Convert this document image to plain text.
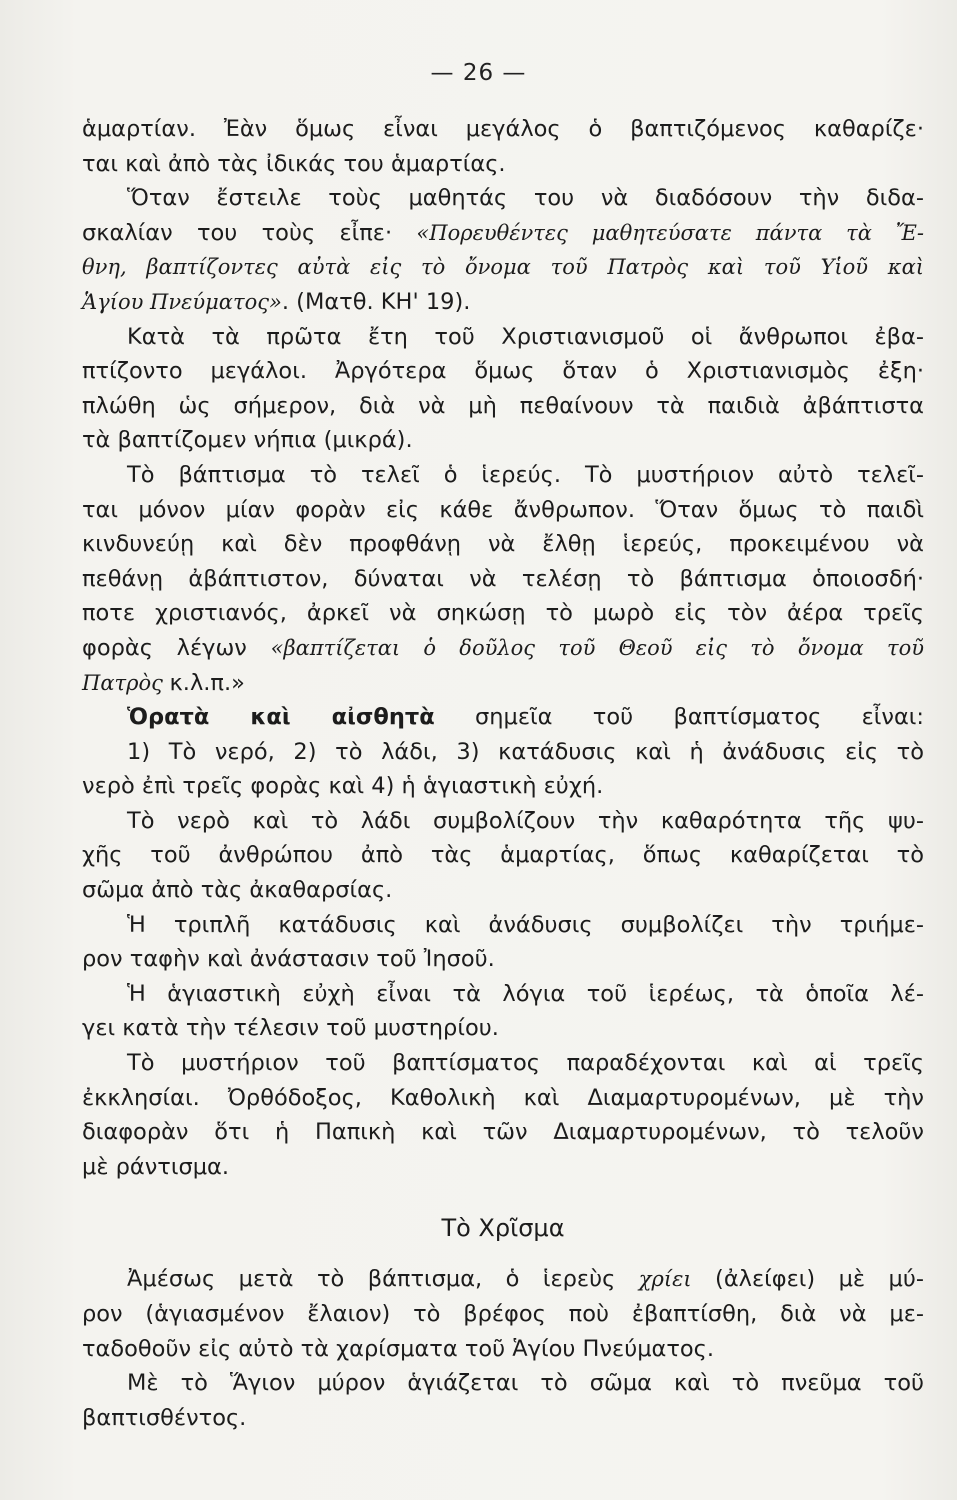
— 26 —
ἁμαρτίαν. Ἐὰν ὅμως εἶναι μεγάλος ὁ βαπτιζόμενος καθαρίζε·
ται καὶ ἀπὸ τὰς ἰδικάς του ἁμαρτίας.
Ὅταν ἔστειλε τοὺς μαθητάς του νὰ διαδόσουν τὴν διδα-
σκαλίαν του τοὺς εἶπε· «Πορευθέντες μαθητεύσατε πάντα τὰ Ἔ-
θνη, βαπτίζοντες αὐτὰ εἰς τὸ ὄνομα τοῦ Πατρὸς καὶ τοῦ Υἱοῦ καὶ
Ἁγίου Πνεύματος». (Ματθ. ΚΗ' 19).
Κατὰ τὰ πρῶτα ἔτη τοῦ Χριστιανισμοῦ οἱ ἄνθρωποι ἐβα-
πτίζοντο μεγάλοι. Ἀργότερα ὅμως ὅταν ὁ Χριστιανισμὸς ἐξη·
πλώθη ὡς σήμερον, διὰ νὰ μὴ πεθαίνουν τὰ παιδιὰ ἀβάπτιστα
τὰ βαπτίζομεν νήπια (μικρά).
Τὸ βάπτισμα τὸ τελεῖ ὁ ἱερεύς. Τὸ μυστήριον αὐτὸ τελεῖ-
ται μόνον μίαν φορὰν εἰς κάθε ἄνθρωπον. Ὅταν ὅμως τὸ παιδὶ
κινδυνεύῃ καὶ δὲν προφθάνῃ νὰ ἔλθῃ ἱερεύς, προκειμένου νὰ
πεθάνῃ ἀβάπτιστον, δύναται νὰ τελέσῃ τὸ βάπτισμα ὁποιοσδή·
ποτε χριστιανός, ἀρκεῖ νὰ σηκώσῃ τὸ μωρὸ εἰς τὸν ἀέρα τρεῖς
φορὰς λέγων «βαπτίζεται ὁ δοῦλος τοῦ Θεοῦ εἰς τὸ ὄνομα τοῦ
Πατρὸς κ.λ.π.»
Ὁρατὰ καὶ αἰσθητὰ σημεῖα τοῦ βαπτίσματος εἶναι:
1) Τὸ νερό, 2) τὸ λάδι, 3) κατάδυσις καὶ ἡ ἀνάδυσις εἰς τὸ
νερὸ ἐπὶ τρεῖς φορὰς καὶ 4) ἡ ἁγιαστικὴ εὐχή.
Τὸ νερὸ καὶ τὸ λάδι συμβολίζουν τὴν καθαρότητα τῆς ψυ-
χῆς τοῦ ἀνθρώπου ἀπὸ τὰς ἁμαρτίας, ὅπως καθαρίζεται τὸ
σῶμα ἀπὸ τὰς ἀκαθαρσίας.
Ἡ τριπλῆ κατάδυσις καὶ ἀνάδυσις συμβολίζει τὴν τριήμε-
ρον ταφὴν καὶ ἀνάστασιν τοῦ Ἰησοῦ.
Ἡ ἁγιαστικὴ εὐχὴ εἶναι τὰ λόγια τοῦ ἱερέως, τὰ ὁποῖα λέ-
γει κατὰ τὴν τέλεσιν τοῦ μυστηρίου.
Τὸ μυστήριον τοῦ βαπτίσματος παραδέχονται καὶ αἱ τρεῖς
ἐκκλησίαι. Ὀρθόδοξος, Καθολικὴ καὶ Διαμαρτυρομένων, μὲ τὴν
διαφορὰν ὅτι ἡ Παπικὴ καὶ τῶν Διαμαρτυρομένων, τὸ τελοῦν
μὲ ράντισμα.
Τὸ Χρῖσμα
Ἀμέσως μετὰ τὸ βάπτισμα, ὁ ἱερεὺς χρίει (ἀλείφει) μὲ μύ-
ρον (ἁγιασμένον ἔλαιον) τὸ βρέφος ποὺ ἐβαπτίσθη, διὰ νὰ με-
ταδοθοῦν εἰς αὐτὸ τὰ χαρίσματα τοῦ Ἁγίου Πνεύματος.
Μὲ τὸ Ἅγιον μύρον ἁγιάζεται τὸ σῶμα καὶ τὸ πνεῦμα τοῦ
βαπτισθέντος.
